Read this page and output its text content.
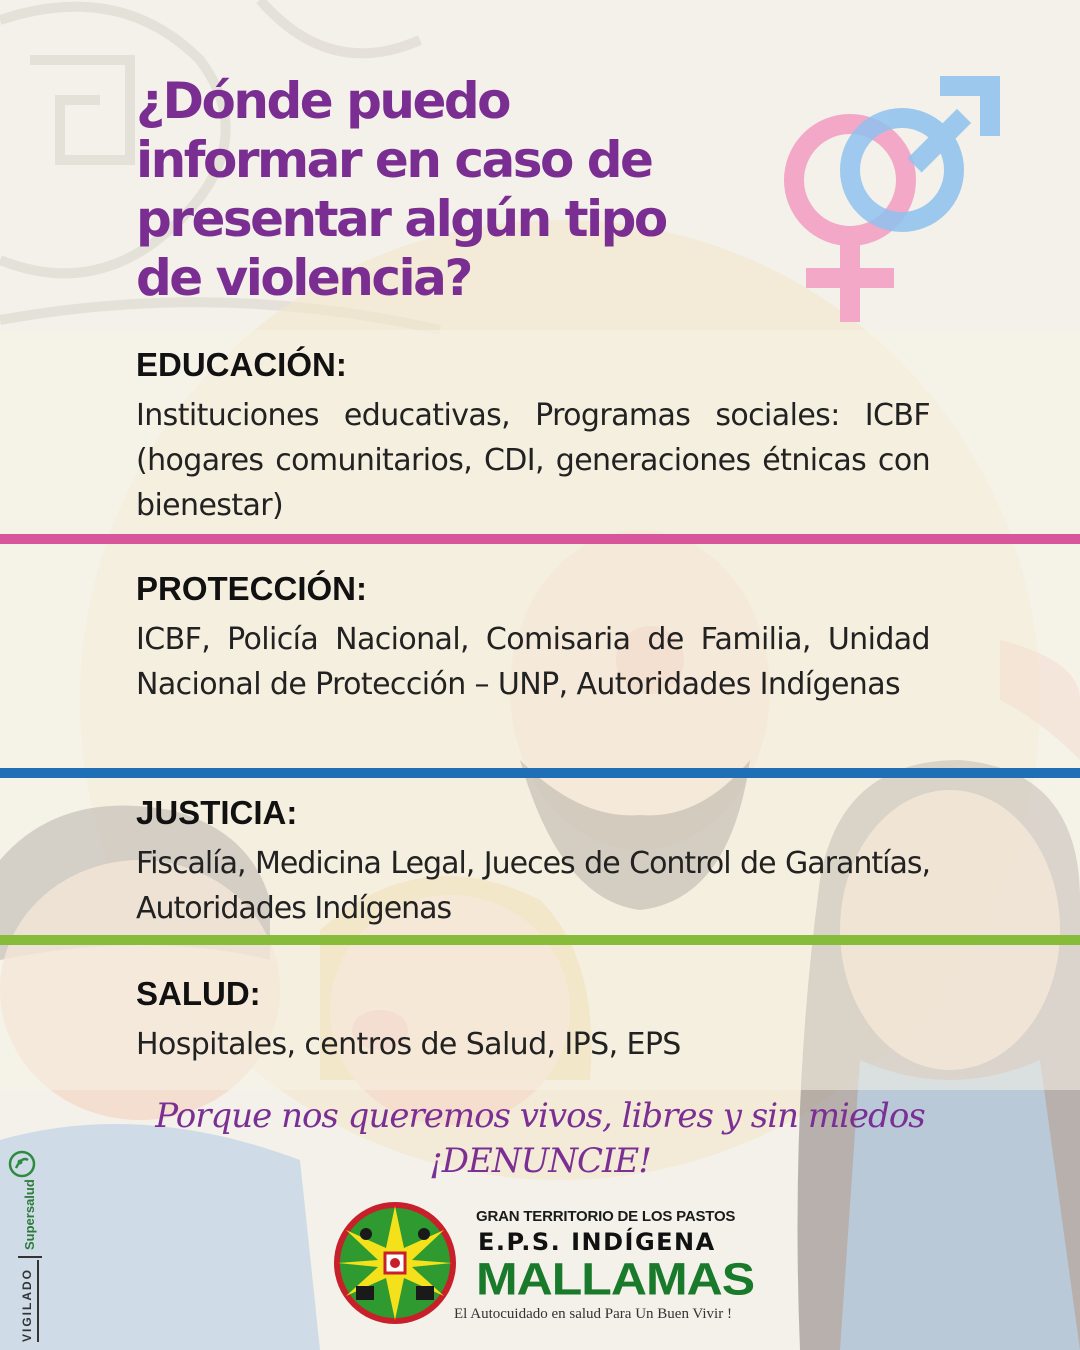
¿Dónde puedo
informar en caso de
presentar algún tipo
de violencia?
EDUCACIÓN:
Instituciones educativas, Programas sociales: ICBF (hogares comunitarios, CDI, generaciones étnicas con bienestar)
PROTECCIÓN:
ICBF, Policía Nacional, Comisaria de Familia, Unidad Nacional de Protección – UNP, Autoridades Indígenas
JUSTICIA:
Fiscalía, Medicina Legal, Jueces de Control de Garantías, Autoridades Indígenas
SALUD:
Hospitales, centros de Salud, IPS, EPS
Porque nos queremos vivos, libres y sin miedos
¡DENUNCIE!
GRAN TERRITORIO DE LOS PASTOS
E.P.S. INDÍGENA
MALLAMAS
El Autocuidado en salud Para Un Buen Vivir !
Supersalud
VIGILADO
